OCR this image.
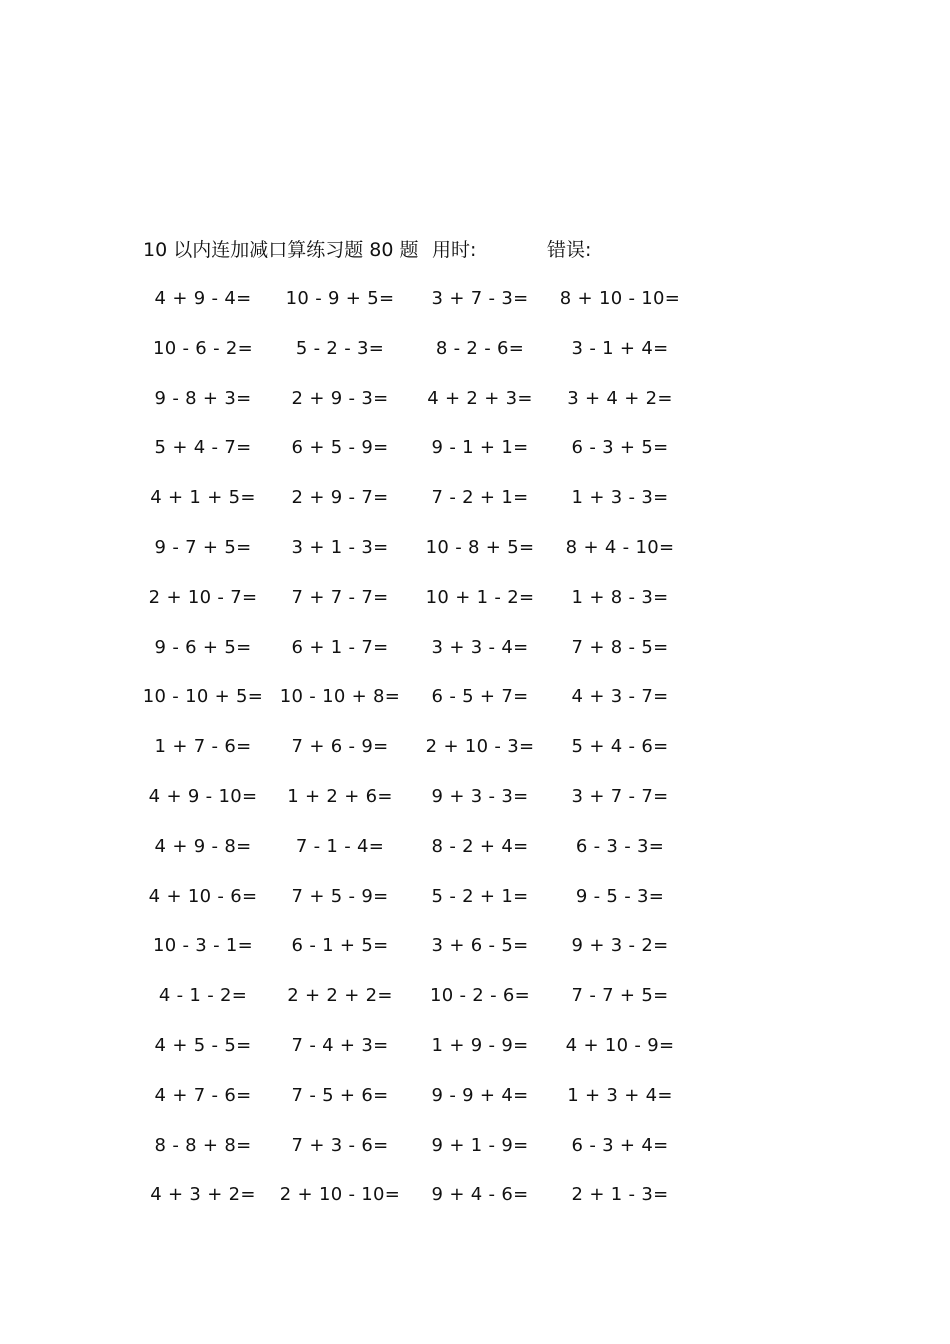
10 以内连加减口算练习题 80 题 用时:	错误:
4 + 9 - 4=	10 - 9 + 5=	3 + 7 - 3=	8 + 10 - 10=
10 - 6 - 2=	5 - 2 - 3=	8 - 2 - 6=	3 - 1 + 4=
9 - 8 + 3=	2 + 9 - 3=	4 + 2 + 3=	3 + 4 + 2=
5 + 4 - 7=	6 + 5 - 9=	9 - 1 + 1=	6 - 3 + 5=
4 + 1 + 5=	2 + 9 - 7=	7 - 2 + 1=	1 + 3 - 3=
9 - 7 + 5=	3 + 1 - 3=	10 - 8 + 5=	8 + 4 - 10=
2 + 10 - 7=	7 + 7 - 7=	10 + 1 - 2=	1 + 8 - 3=
9 - 6 + 5=	6 + 1 - 7=	3 + 3 - 4=	7 + 8 - 5=
10 - 10 + 5= 10 - 10 + 8=	6 - 5 + 7=	4 + 3 - 7=
1 + 7 - 6=	7 + 6 - 9=	2 + 10 - 3=	5 + 4 - 6=
4 + 9 - 10=	1 + 2 + 6=	9 + 3 - 3=	3 + 7 - 7=
4 + 9 - 8=	7 - 1 - 4=	8 - 2 + 4=	6 - 3 - 3=
4 + 10 - 6=	7 + 5 - 9=	5 - 2 + 1=	9 - 5 - 3=
10 - 3 - 1=	6 - 1 + 5=	3 + 6 - 5=	9 + 3 - 2=
4 - 1 - 2=	2 + 2 + 2=	10 - 2 - 6=	7 - 7 + 5=
4 + 5 - 5=	7 - 4 + 3=	1 + 9 - 9=	4 + 10 - 9=
4 + 7 - 6=	7 - 5 + 6=	9 - 9 + 4=	1 + 3 + 4=
8 - 8 + 8=	7 + 3 - 6=	9 + 1 - 9=	6 - 3 + 4=
4 + 3 + 2=	2 + 10 - 10=	9 + 4 - 6=	2 + 1 - 3=
